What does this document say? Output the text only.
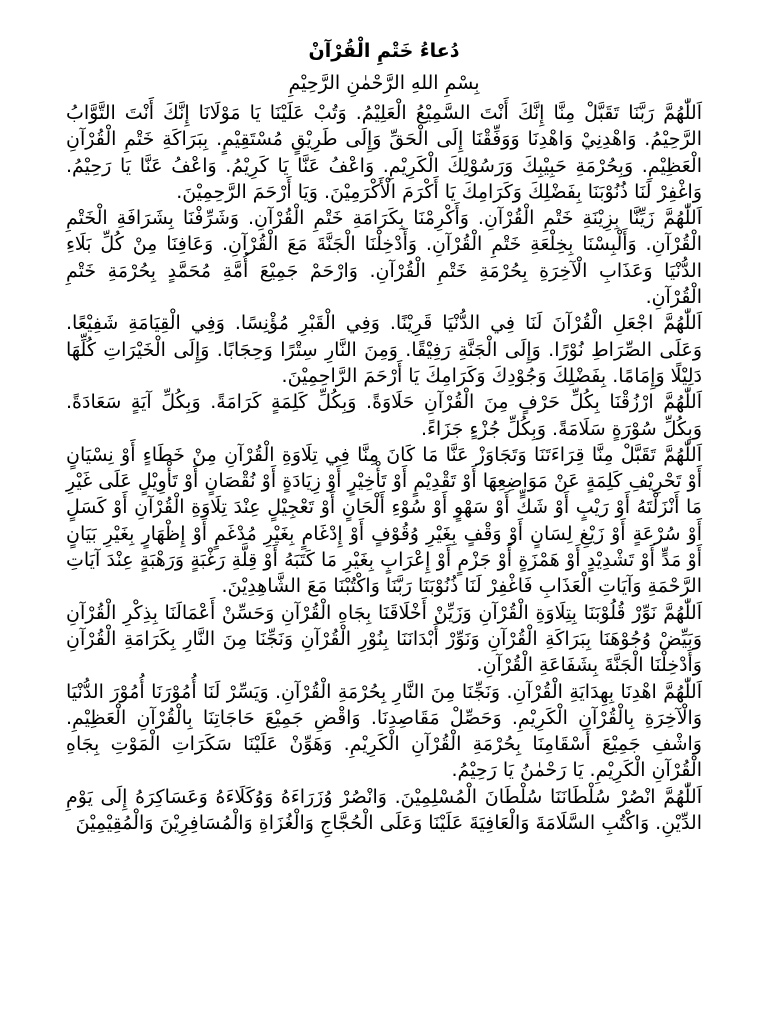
دُعاءُ خَتْمِ الْقُرْآنْ
بِسْمِ اللهِ الرَّحْمٰنِ الرَّحِيْمِ

اَللّٰهُمَّ رَبَّنَا تَقَبَّلْ مِنَّا إِنَّكَ أَنْتَ السَّمِيْعُ الْعَلِيْمُ. وَتُبْ عَلَيْنَا يَا مَوْلَانَا إِنَّكَ أَنْتَ التَّوَّابُ الرَّحِيْمُ. وَاهْدِنِيْ وَاهْدِنَا وَوَفِّقْنَا إِلَى الْحَقِّ وَإِلَى طَرِيْقٍ مُسْتَقِيْمٍ. بِبَرَاكَةِ خَتْمِ الْقُرْآنِ الْعَظِيْمِ. وَبِحُرْمَةِ حَبِيْبِكَ وَرَسُوْلِكَ الْكَرِيْمِ. وَاعْفُ عَنَّا يَا كَرِيْمُ. وَاعْفُ عَنَّا يَا رَحِيْمُ. وَاغْفِرْ لَنَا ذُنُوْبَنَا بِفَضْلِكَ وَكَرَامِكَ يَا أَكْرَمَ الْأَكْرَمِيْنَ. وَيَا أَرْحَمَ الرَّحِمِيْنَ.

اَللّٰهُمَّ زَيِّنَّا بِزِيْنَةِ خَتْمِ الْقُرْآنِ. وَأَكْرِمْنَا بِكَرَامَةِ خَتْمِ الْقُرْآنِ. وَشَرِّفْنَا بِشَرَافَةِ الْخَتْمِ الْقُرْآنِ. وَأَلْبِسْنَا بِخِلْعَةِ خَتْمِ الْقُرْآنِ. وَأَدْخِلْنَا الْجَنَّةَ مَعَ الْقُرْآنِ. وَعَافِنَا مِنْ كُلِّ بَلَاءِ الدُّنْيَا وَعَذَابِ الْآخِرَةِ بِحُرْمَةِ خَتْمِ الْقُرْآنِ. وَارْحَمْ جَمِيْعَ أُمَّةِ مُحَمَّدٍ بِحُرْمَةِ خَتْمِ الْقُرْآنِ.

اَللّٰهُمَّ اجْعَلِ الْقُرْآنَ لَنَا فِي الدُّنْيَا قَرِيْنًا. وَفِي الْقَبْرِ مُؤْنِسًا. وَفِي الْقِيَامَةِ شَفِيْعًا. وَعَلَى الصِّرَاطِ نُوْرًا. وَإِلَى الْجَنَّةِ رَفِيْقًا. وَمِنَ النَّارِ سِتْرًا وَحِجَابًا. وَإِلَى الْخَيْرَاتِ كُلِّهَا دَلِيْلًا وَإِمَامًا. بِفَضْلِكَ وَجُوْدِكَ وَكَرَامِكَ يَا أَرْحَمَ الرَّاحِمِيْنَ.

اَللّٰهُمَّ ارْزُقْنَا بِكُلِّ حَرْفٍ مِنَ الْقُرْآنِ حَلَاوَةً. وَبِكُلِّ كَلِمَةٍ كَرَامَةً. وَبِكُلِّ آيَةٍ سَعَادَةً. وَبِكُلِّ سُوْرَةٍ سَلَامَةً. وَبِكُلِّ جُزْءٍ جَزَاءً.

اَللّٰهُمَّ تَقَبَّلْ مِنَّا قِرَاءَتَنَا وَتَجَاوَزْ عَنَّا مَا كَانَ مِنَّا فِي تِلَاوَةِ الْقُرْآنِ مِنْ خَطَاءٍ أَوْ نِسْيَانٍ أَوْ تَحْرِيْفِ كَلِمَةٍ عَنْ مَوَاضِعِهَا أَوْ تَقْدِيْمٍ أَوْ تَأْخِيْرٍ أَوْ زِيَادَةٍ أَوْ نُقْصَانٍ أَوْ تَأْوِيْلٍ عَلَى غَيْرِ مَا أَنْزَلْتَهُ أَوْ رَيْبٍ أَوْ شَكٍّ أَوْ سَهْوٍ أَوْ سُوْءِ أَلْحَانٍ أَوْ تَعْجِيْلٍ عِنْدَ تِلَاوَةِ الْقُرْآنِ أَوْ كَسَلٍ أَوْ سُرْعَةٍ أَوْ زَيْغِ لِسَانٍ أَوْ وَقْفٍ بِغَيْرِ وُقُوْفٍ أَوْ إِدْغَامٍ بِغَيْرِ مُدْغَمٍ أَوْ إِظْهَارٍ بِغَيْرِ بَيَانٍ أَوْ مَدٍّ أَوْ تَشْدِيْدٍ أَوْ هَمْزَةٍ أَوْ جَزْمٍ أَوْ إِعْرَابٍ بِغَيْرِ مَا كَتَبَهُ أَوْ قِلَّةِ رَغْبَةٍ وَرَهْبَةٍ عِنْدَ آيَاتِ الرَّحْمَةِ وَآيَاتِ الْعَذَابِ فَاغْفِرْ لَنَا ذُنُوْبَنَا رَبَّنَا وَاكْتُبْنَا مَعَ الشَّاهِدِيْنَ.

اَللّٰهُمَّ نَوِّرْ قُلُوْبَنَا بِتِلَاوَةِ الْقُرْآنِ وَزَيِّنْ أَخْلَاقَنَا بِجَاهِ الْقُرْآنِ وَحَسِّنْ أَعْمَالَنَا بِذِكْرِ الْقُرْآنِ وَبَيِّضْ وُجُوْهَنَا بِبَرَاكَةِ الْقُرْآنِ وَنَوِّرْ أَبْدَانَنَا بِنُوْرِ الْقُرْآنِ وَنَجِّنَا مِنَ النَّارِ بِكَرَامَةِ الْقُرْآنِ وَأَدْخِلْنَا الْجَنَّةَ بِشَفَاعَةِ الْقُرْآنِ.

اَللّٰهُمَّ اهْدِنَا بِهِدَايَةِ الْقُرْآنِ. وَنَجِّنَا مِنَ النَّارِ بِحُرْمَةِ الْقُرْآنِ. وَيَسِّرْ لَنَا أُمُوْرَنَا أُمُوْرَ الدُّنْيَا وَالْآخِرَةِ بِالْقُرْآنِ الْكَرِيْمِ. وَحَصِّلْ مَقَاصِدِنَا. وَاقْضِ جَمِيْعَ حَاجَاتِنَا بِالْقُرْآنِ الْعَظِيْمِ. وَاشْفِ جَمِيْعَ أَسْقَامِنَا بِحُرْمَةِ الْقُرْآنِ الْكَرِيْمِ. وَهَوِّنْ عَلَيْنَا سَكَرَاتِ الْمَوْتِ بِجَاهِ الْقُرْآنِ الْكَرِيْمِ. يَا رَحْمٰنُ يَا رَحِيْمُ.

اَللّٰهُمَّ انْصُرْ سُلْطَانَنَا سُلْطَانَ الْمُسْلِمِيْنَ. وَانْصُرْ وُزَرَاءَهُ وَوُكَلَاءَهُ وَعَسَاكِرَهُ إِلَى يَوْمِ الدِّيْنِ. وَاكْتُبِ السَّلَامَةَ وَالْعَافِيَةَ عَلَيْنَا وَعَلَى الْحُجَّاجِ وَالْغُزَاةِ وَالْمُسَافِرِيْنَ وَالْمُقِيْمِيْنَ
